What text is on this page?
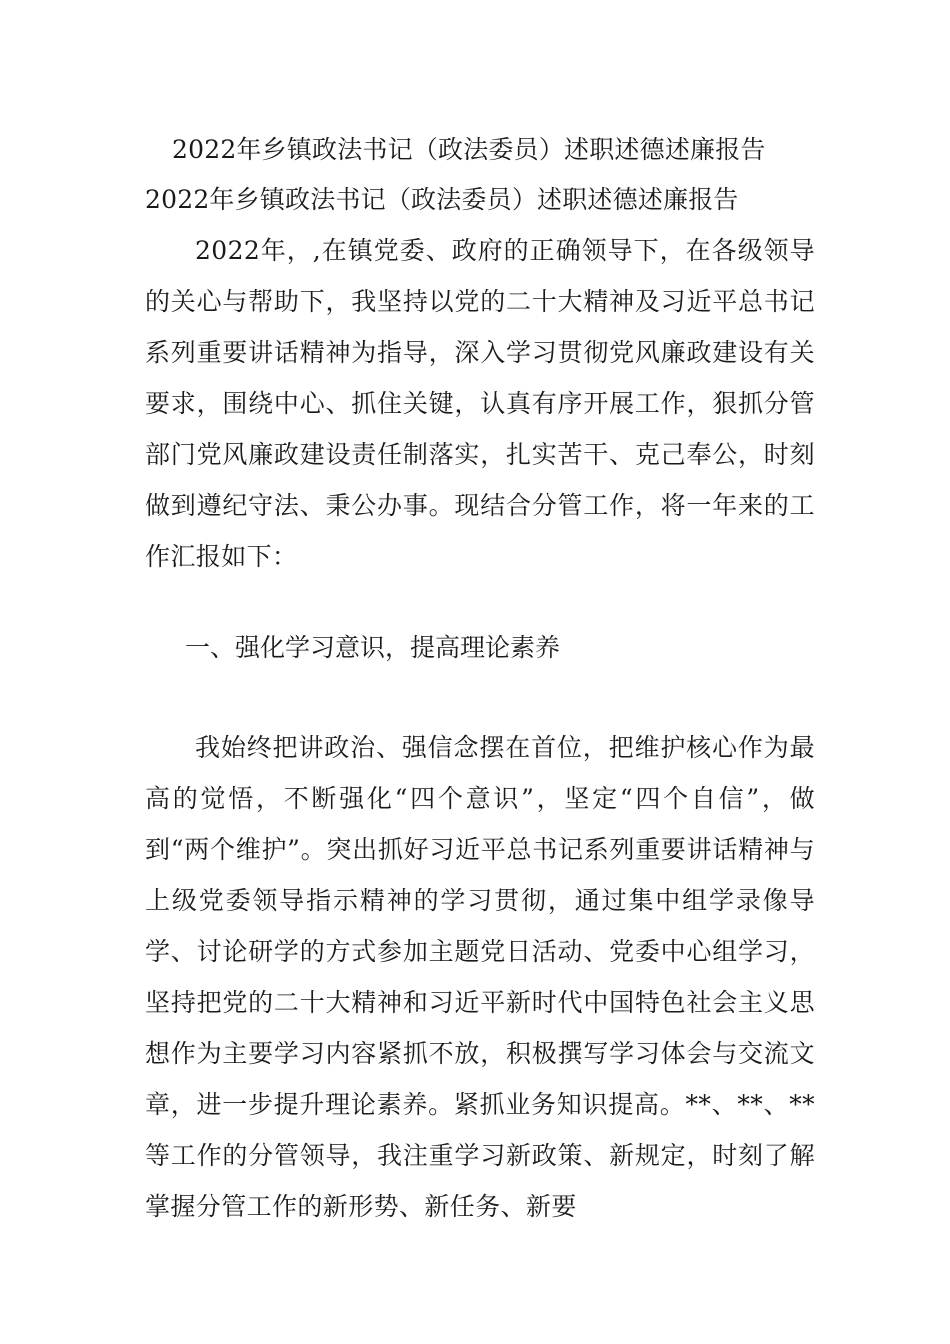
2022年乡镇政法书记（政法委员）述职述德述廉报告
2022年乡镇政法书记（政法委员）述职述德述廉报告

2022年，,在镇党委、政府的正确领导下，在各级领导的关心与帮助下，我坚持以党的二十大精神及习近平总书记系列重要讲话精神为指导，深入学习贯彻党风廉政建设有关要求，围绕中心、抓住关键，认真有序开展工作，狠抓分管部门党风廉政建设责任制落实，扎实苦干、克己奉公，时刻做到遵纪守法、秉公办事。现结合分管工作，将一年来的工作汇报如下：

一、强化学习意识，提高理论素养

我始终把讲政治、强信念摆在首位，把维护核心作为最高的觉悟，不断强化“四个意识”，坚定“四个自信”，做到“两个维护”。突出抓好习近平总书记系列重要讲话精神与上级党委领导指示精神的学习贯彻，通过集中组学录像导学、讨论研学的方式参加主题党日活动、党委中心组学习，坚持把党的二十大精神和习近平新时代中国特色社会主义思想作为主要学习内容紧抓不放，积极撰写学习体会与交流文章，进一步提升理论素养。紧抓业务知识提高。**、**、**等工作的分管领导，我注重学习新政策、新规定，时刻了解掌握分管工作的新形势、新任务、新要
